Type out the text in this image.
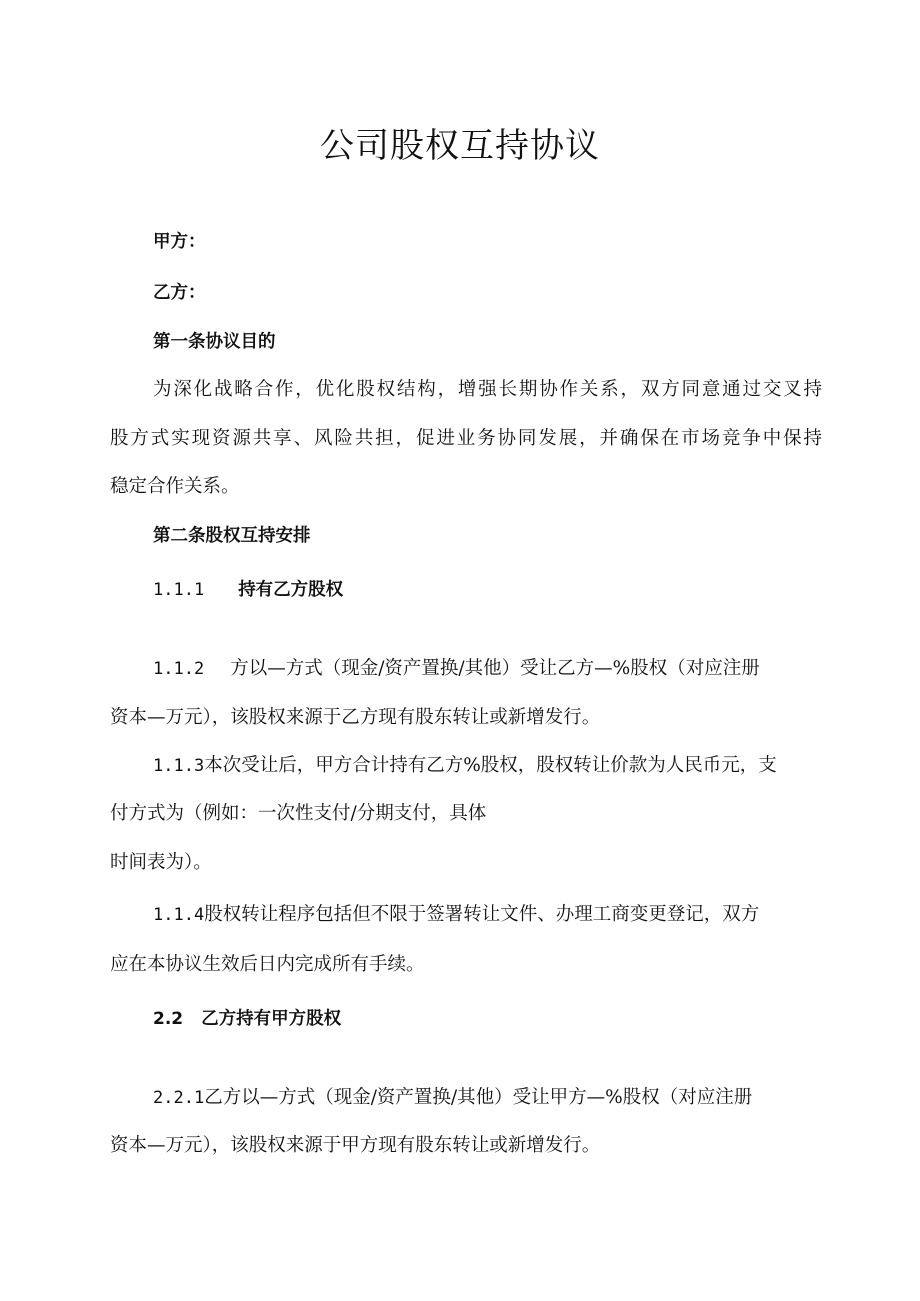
公司股权互持协议

甲方：

乙方：

第一条协议目的

为深化战略合作，优化股权结构，增强长期协作关系，双方同意通过交叉持

股方式实现资源共享、风险共担，促进业务协同发展，并确保在市场竞争中保持

稳定合作关系。

第二条股权互持安排

1.1.1 持有乙方股权

1.1.2 方以—方式（现金/资产置换/其他）受让乙方—%股权（对应注册

资本—万元），该股权来源于乙方现有股东转让或新增发行。

1.1.3本次受让后，甲方合计持有乙方%股权，股权转让价款为人民币元，支

付方式为（例如：一次性支付/分期支付，具体

时间表为）。

1.1.4股权转让程序包括但不限于签署转让文件、办理工商变更登记，双方

应在本协议生效后日内完成所有手续。

2.2 乙方持有甲方股权

2.2.1乙方以—方式（现金/资产置换/其他）受让甲方—%股权（对应注册

资本—万元），该股权来源于甲方现有股东转让或新增发行。
